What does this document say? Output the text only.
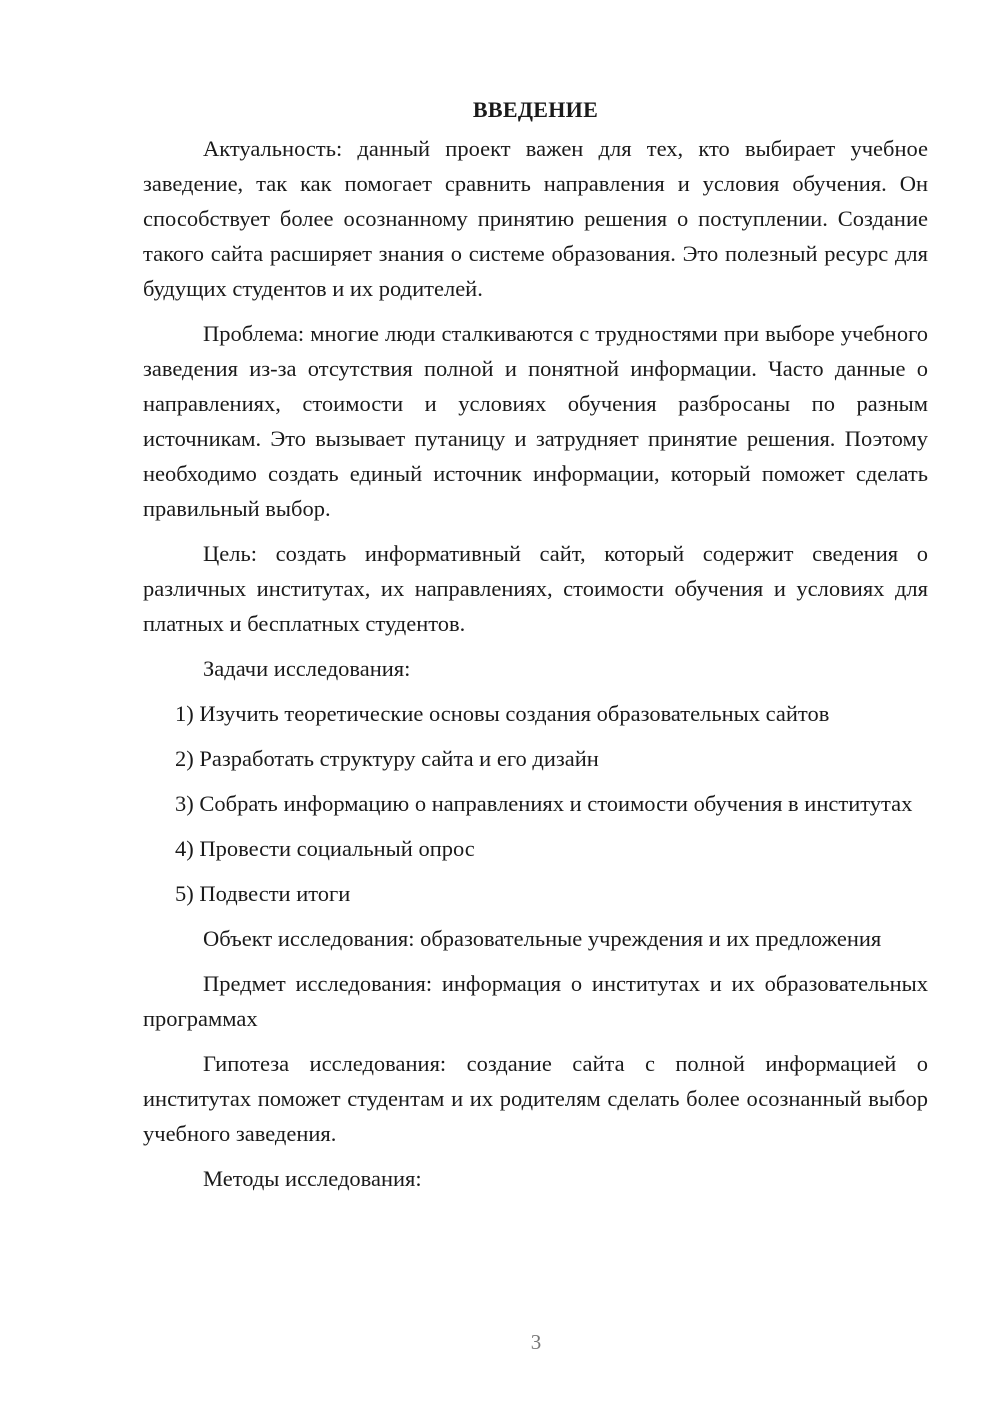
ВВЕДЕНИЕ

Актуальность: данный проект важен для тех, кто выбирает учебное заведение, так как помогает сравнить направления и условия обучения. Он способствует более осознанному принятию решения о поступлении. Создание такого сайта расширяет знания о системе образования. Это полезный ресурс для будущих студентов и их родителей.

Проблема: многие люди сталкиваются с трудностями при выборе учебного заведения из-за отсутствия полной и понятной информации. Часто данные о направлениях, стоимости и условиях обучения разбросаны по разным источникам. Это вызывает путаницу и затрудняет принятие решения. Поэтому необходимо создать единый источник информации, который поможет сделать правильный выбор.

Цель: создать информативный сайт, который содержит сведения о различных институтах, их направлениях, стоимости обучения и условиях для платных и бесплатных студентов.

Задачи исследования:

1) Изучить теоретические основы создания образовательных сайтов

2) Разработать структуру сайта и его дизайн

3) Собрать информацию о направлениях и стоимости обучения в институтах

4) Провести социальный опрос

5) Подвести итоги

Объект исследования: образовательные учреждения и их предложения

Предмет исследования: информация о институтах и их образовательных программах

Гипотеза исследования: создание сайта с полной информацией о институтах поможет студентам и их родителям сделать более осознанный выбор учебного заведения.

Методы исследования:

3
